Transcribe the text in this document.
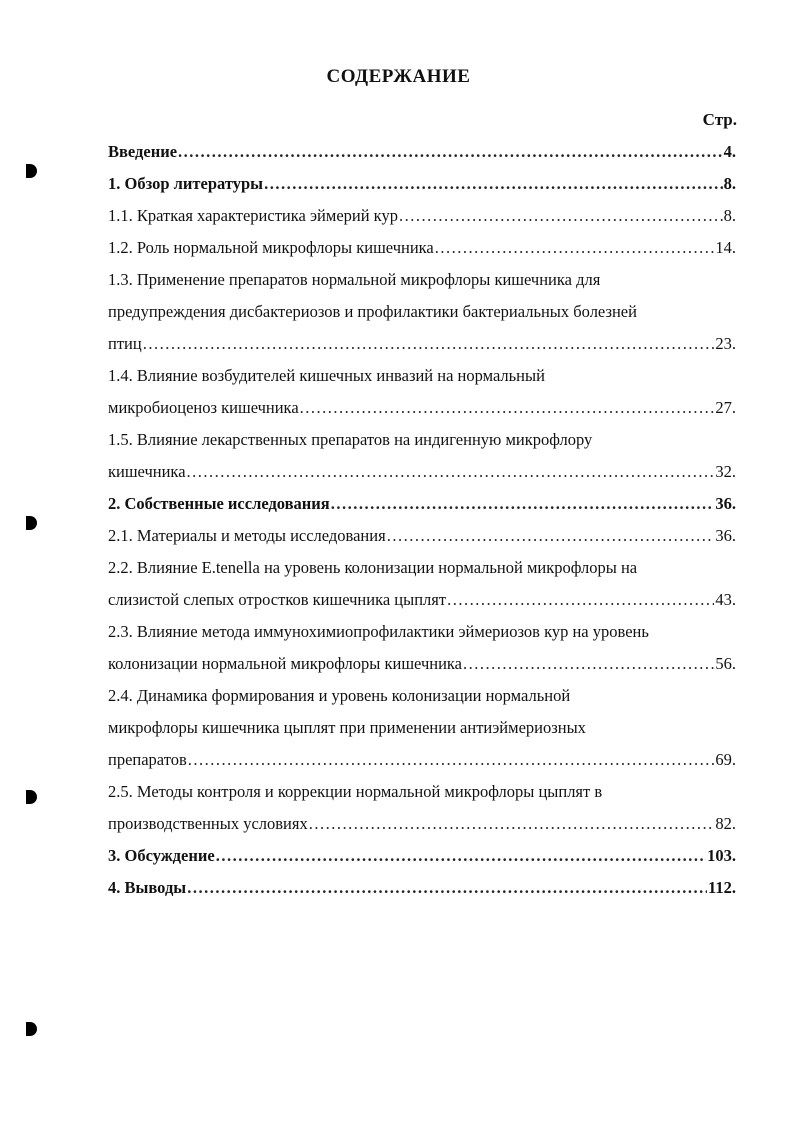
СОДЕРЖАНИЕ
Стр.
Введение .....	4.
1. Обзор литературы .....	8.
1.1. Краткая характеристика эймерий кур .....	8.
1.2. Роль нормальной микрофлоры кишечника .....	14.
1.3. Применение препаратов нормальной микрофлоры кишечника для
предупреждения дисбактериозов и профилактики бактериальных болезней
птиц .....	23.
1.4. Влияние возбудителей кишечных инвазий на нормальный
микробиоценоз кишечника .....	27.
1.5. Влияние лекарственных препаратов на индигенную микрофлору
кишечника .....	32.
2. Собственные исследования .....	36.
2.1. Материалы и методы исследования .....	36.
2.2. Влияние E.tenella на уровень колонизации нормальной микрофлоры на
слизистой слепых отростков кишечника цыплят .....	43.
2.3. Влияние метода иммунохимиопрофилактики эймериозов кур на уровень
колонизации нормальной микрофлоры кишечника .....	56.
2.4. Динамика формирования и уровень колонизации нормальной
микрофлоры кишечника цыплят при применении антиэймериозных
препаратов .....	69.
2.5. Методы контроля и коррекции нормальной микрофлоры цыплят в
производственных условиях .....	82.
3. Обсуждение .....	103.
4. Выводы .....	112.
